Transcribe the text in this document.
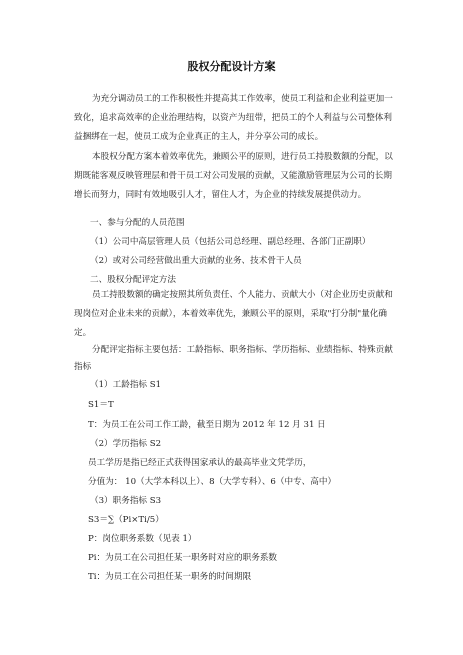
股权分配设计方案
为充分调动员工的工作积极性并提高其工作效率，使员工利益和企业利益更加一致化，追求高效率的企业治理结构，以资产为纽带，把员工的个人利益与公司整体利益捆绑在一起，使员工成为企业真正的主人，并分享公司的成长。
本股权分配方案本着效率优先，兼顾公平的原则，进行员工持股数额的分配，以期既能客观反映管理层和骨干员工对公司发展的贡献，又能激励管理层为公司的长期增长而努力，同时有效地吸引人才，留住人才，为企业的持续发展提供动力。
一、参与分配的人员范围
（1）公司中高层管理人员（包括公司总经理、副总经理、各部门正副职）
（2）或对公司经营做出重大贡献的业务、技术骨干人员
二、股权分配评定方法
员工持股数额的确定按照其所负责任、个人能力、贡献大小（对企业历史贡献和现岗位对企业未来的贡献），本着效率优先，兼顾公平的原则，采取"打分制"量化确定。
分配评定指标主要包括：工龄指标、职务指标、学历指标、业绩指标、特殊贡献指标
（1）工龄指标 S1
S1＝T
T：为员工在公司工作工龄，截至日期为 2012 年 12 月 31 日
（2）学历指标 S2
员工学历是指已经正式获得国家承认的最高毕业文凭学历，
分值为： 10（大学本科以上）、8（大学专科）、6（中专、高中）
（3）职务指标 S3
S3＝∑（Pi×Ti/5）
P：岗位职务系数（见表 1）
Pi：为员工在公司担任某一职务时对应的职务系数
Ti：为员工在公司担任某一职务的时间期限
